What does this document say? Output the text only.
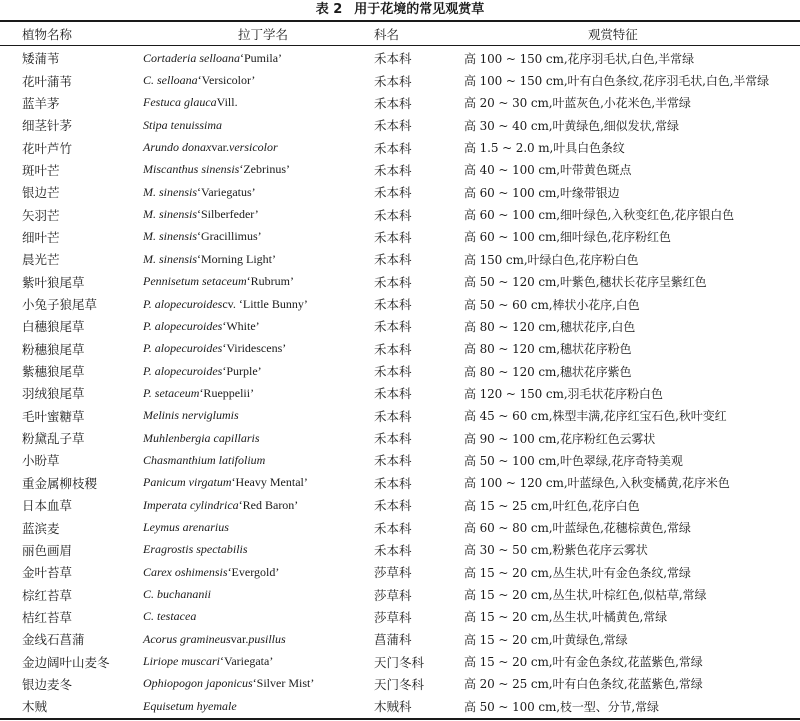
表 2 用于花境的常见观赏草
植物名称	拉丁学名	科名	观赏特征
矮蒲苇	Cortaderia selloana ‘Pumila’	禾本科	高 100 ~ 150 cm,花序羽毛状,白色,半常绿
花叶蒲苇	C. selloana ‘Versicolor’	禾本科	高 100 ~ 150 cm,叶有白色条纹,花序羽毛状,白色,半常绿
蓝羊茅	Festuca glauca Vill.	禾本科	高 20 ~ 30 cm,叶蓝灰色,小花米色,半常绿
细茎针茅	Stipa tenuissima	禾本科	高 30 ~ 40 cm,叶黄绿色,细似发状,常绿
花叶芦竹	Arundo donax var. versicolor	禾本科	高 1.5 ~ 2.0 m,叶具白色条纹
斑叶芒	Miscanthus sinensis ‘Zebrinus’	禾本科	高 40 ~ 100 cm,叶带黄色斑点
银边芒	M. sinensis ‘Variegatus’	禾本科	高 60 ~ 100 cm,叶缘带银边
矢羽芒	M. sinensis ‘Silberfeder’	禾本科	高 60 ~ 100 cm,细叶绿色,入秋变红色,花序银白色
细叶芒	M. sinensis ‘Gracillimus’	禾本科	高 60 ~ 100 cm,细叶绿色,花序粉红色
晨光芒	M. sinensis ‘Morning Light’	禾本科	高 150 cm,叶绿白色,花序粉白色
紫叶狼尾草	Pennisetum setaceum ‘Rubrum’	禾本科	高 50 ~ 120 cm,叶紫色,穗状长花序呈紫红色
小兔子狼尾草	P. alopecuroides cv. ‘Little Bunny’	禾本科	高 50 ~ 60 cm,棒状小花序,白色
白穗狼尾草	P. alopecuroides ‘White’	禾本科	高 80 ~ 120 cm,穗状花序,白色
粉穗狼尾草	P. alopecuroides ‘Viridescens’	禾本科	高 80 ~ 120 cm,穗状花序粉色
紫穗狼尾草	P. alopecuroides ‘Purple’	禾本科	高 80 ~ 120 cm,穗状花序紫色
羽绒狼尾草	P. setaceum ‘Rueppelii’	禾本科	高 120 ~ 150 cm,羽毛状花序粉白色
毛叶蜜糖草	Melinis nerviglumis	禾本科	高 45 ~ 60 cm,株型丰满,花序红宝石色,秋叶变红
粉黛乱子草	Muhlenbergia capillaris	禾本科	高 90 ~ 100 cm,花序粉红色云雾状
小盼草	Chasmanthium latifolium	禾本科	高 50 ~ 100 cm,叶色翠绿,花序奇特美观
重金属柳枝稷	Panicum virgatum ‘Heavy Mental’	禾本科	高 100 ~ 120 cm,叶蓝绿色,入秋变橘黄,花序米色
日本血草	Imperata cylindrica ‘Red Baron’	禾本科	高 15 ~ 25 cm,叶红色,花序白色
蓝滨麦	Leymus arenarius	禾本科	高 60 ~ 80 cm,叶蓝绿色,花穗棕黄色,常绿
丽色画眉	Eragrostis spectabilis	禾本科	高 30 ~ 50 cm,粉紫色花序云雾状
金叶苔草	Carex oshimensis ‘Evergold’	莎草科	高 15 ~ 20 cm,丛生状,叶有金色条纹,常绿
棕红苔草	C. buchananii	莎草科	高 15 ~ 20 cm,丛生状,叶棕红色,似枯草,常绿
桔红苔草	C. testacea	莎草科	高 15 ~ 20 cm,丛生状,叶橘黄色,常绿
金线石菖蒲	Acorus gramineus var. pusillus	菖蒲科	高 15 ~ 20 cm,叶黄绿色,常绿
金边阔叶山麦冬	Liriope muscari ‘Variegata’	天门冬科	高 15 ~ 20 cm,叶有金色条纹,花蓝紫色,常绿
银边麦冬	Ophiopogon japonicus ‘Silver Mist’	天门冬科	高 20 ~ 25 cm,叶有白色条纹,花蓝紫色,常绿
木贼	Equisetum hyemale	木贼科	高 50 ~ 100 cm,枝一型、分节,常绿
